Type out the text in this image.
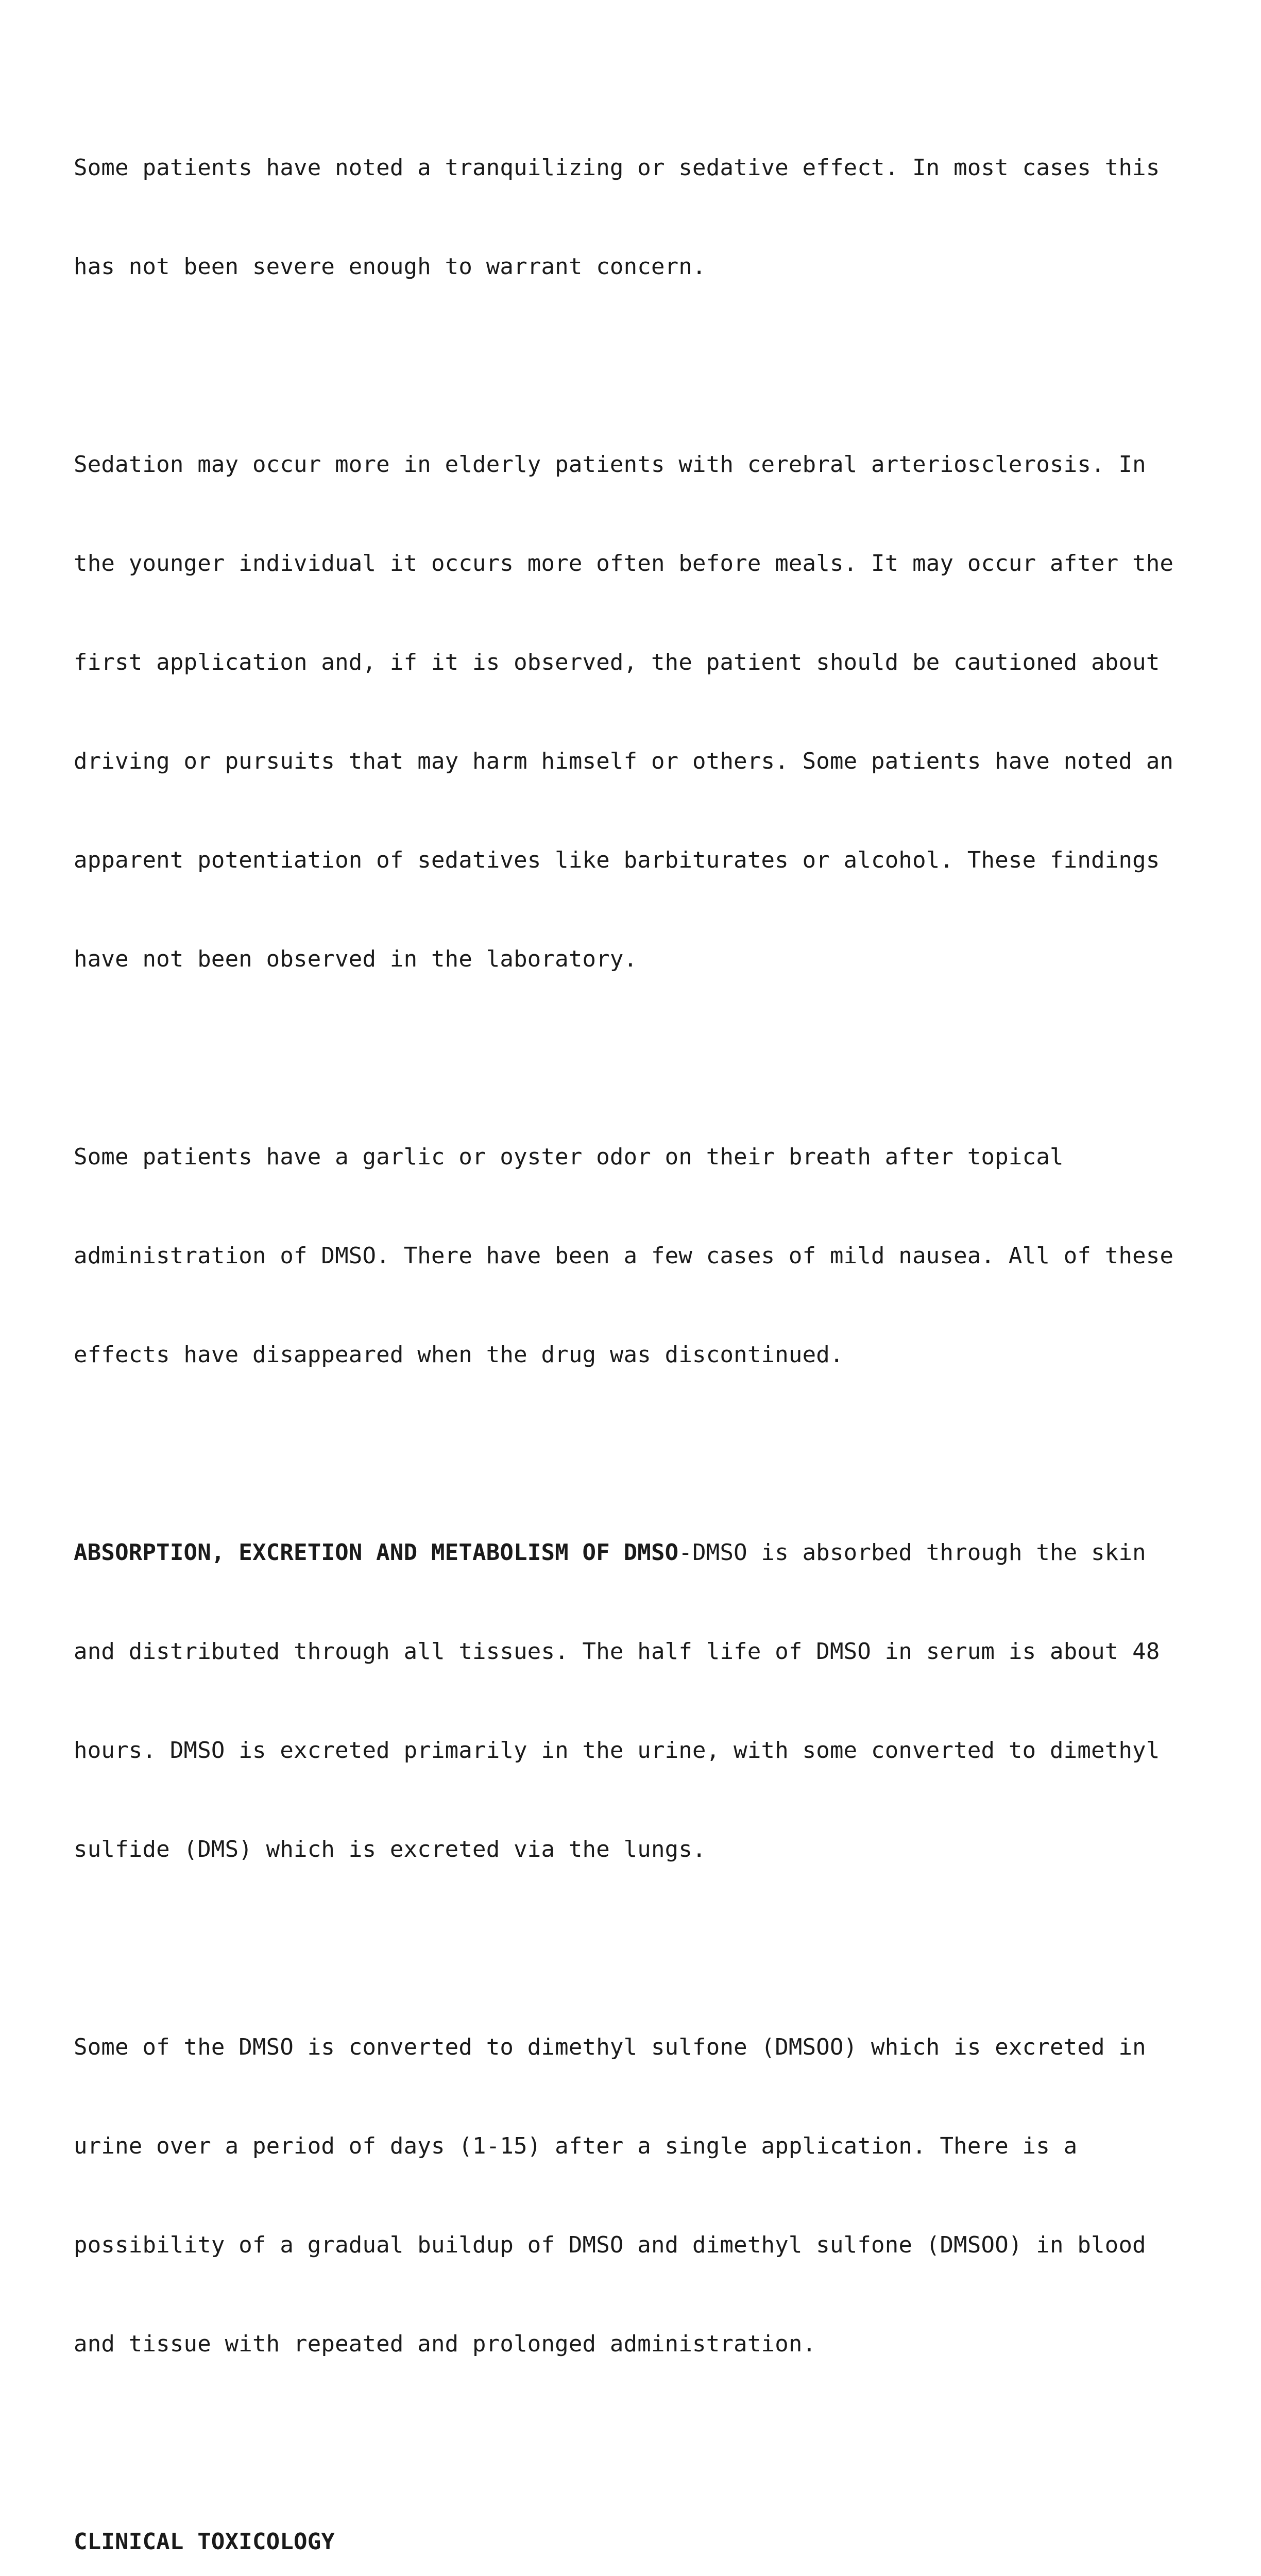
Some patients have noted a tranquilizing or sedative effect. In most cases this

has not been severe enough to warrant concern.

Sedation may occur more in elderly patients with cerebral arteriosclerosis. In

the younger individual it occurs more often before meals. It may occur after the

first application and, if it is observed, the patient should be cautioned about

driving or pursuits that may harm himself or others. Some patients have noted an

apparent potentiation of sedatives like barbiturates or alcohol. These findings

have not been observed in the laboratory.

Some patients have a garlic or oyster odor on their breath after topical

administration of DMSO. There have been a few cases of mild nausea. All of these

effects have disappeared when the drug was discontinued.

ABSORPTION, EXCRETION AND METABOLISM OF DMSO-DMSO is absorbed through the skin

and distributed through all tissues. The half life of DMSO in serum is about 48

hours. DMSO is excreted primarily in the urine, with some converted to dimethyl

sulfide (DMS) which is excreted via the lungs.

Some of the DMSO is converted to dimethyl sulfone (DMSOO) which is excreted in

urine over a period of days (1-15) after a single application. There is a

possibility of a gradual buildup of DMSO and dimethyl sulfone (DMSOO) in blood

and tissue with repeated and prolonged administration.

CLINICAL TOXICOLOGY
